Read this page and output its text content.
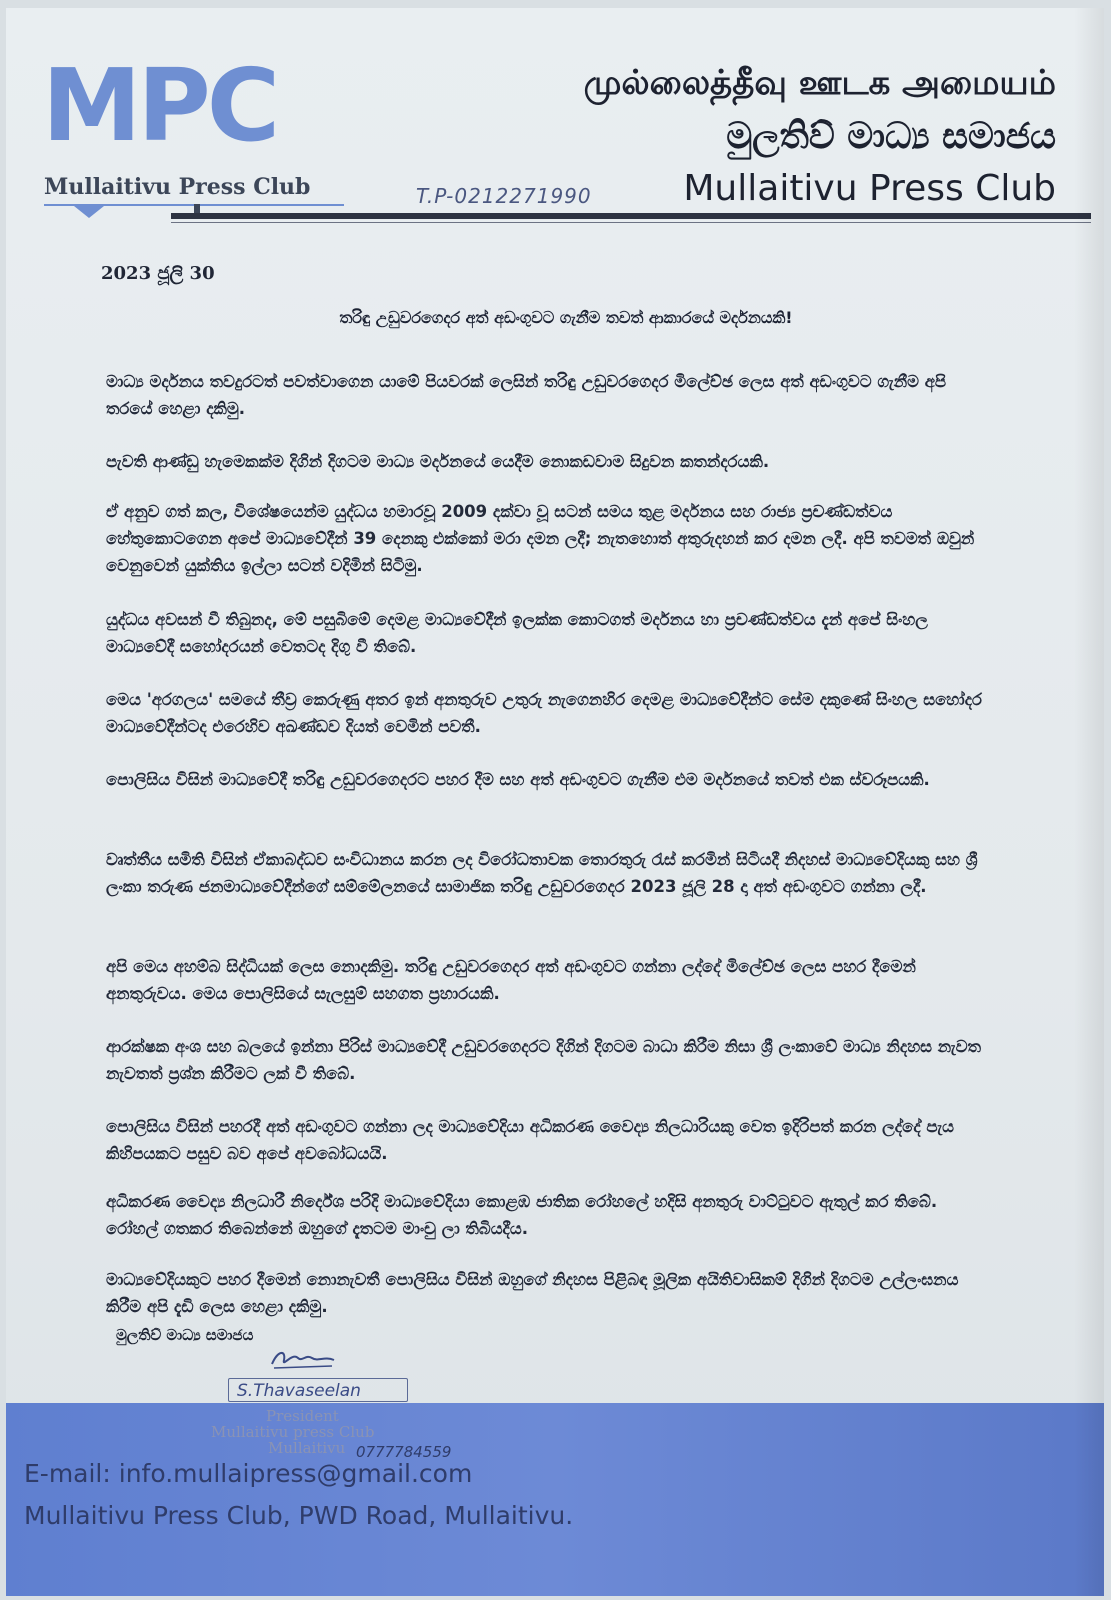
MPC
Mullaitivu Press Club
முல்லைத்தீவு ஊடக அமையம்
මුලතිව් මාධ්‍ය සමාජය
Mullaitivu Press Club
T.P-0212271990
2023 ජූලි 30
තරිඳු උඩුවරගෙදර අත් අඩංගුවට ගැනීම තවත් ආකාරයේ මර්දනයකි!

මාධ්‍ය මර්දනය තවදුරටත් පවත්වාගෙන යාමේ පියවරක් ලෙසින් තරිඳු උඩුවරගෙදර මිලේච්ඡ ලෙස අත් අඩංගුවට ගැනීම අපි තරයේ හෙළා දකිමු.

පැවති ආණ්ඩු හැමෙකක්ම දිගින් දිගටම මාධ්‍ය මර්දනයේ යෙදීම නොකඩවාම සිදුවන කතන්දරයකි.

ඒ අනුව ගත් කල, විශේෂයෙන්ම යුද්ධය හමාරවූ 2009 දක්වා වූ සටන් සමය තුළ මර්දනය සහ රාජ්‍ය ප්‍රචණ්ඩත්වය හේතුකොටගෙන අපේ මාධ්‍යවේදීන් 39 දෙනකු එක්කෝ මරා දමන ලදී; නැතහොත් අතුරුදහන් කර දමන ලදී. අපි තවමත් ඔවුන් වෙනුවෙන් යුක්තිය ඉල්ලා සටන් වදිමින් සිටිමු.

යුද්ධය අවසන් වී තිබුනද, මේ පසුබිමේ දෙමළ මාධ්‍යවේදීන් ඉලක්ක කොටගත් මර්දනය හා ප්‍රචණ්ඩත්වය දැන් අපේ සිංහල මාධ්‍යවේදී සහෝදරයන් වෙතටද දිගු වී තිබේ.

මෙය 'අරගලය' සමයේ තීව්‍ර කෙරුණු අතර ඉන් අනතුරුව උතුරු නැගෙනහිර දෙමළ මාධ්‍යවේදීන්ට සේම දකුණේ සිංහල සහෝදර මාධ්‍යවේදීන්ටද එරෙහිව අඛණ්ඩව දියත් වෙමින් පවතී.

පොලිසිය විසින් මාධ්‍යවේදී තරිඳු උඩුවරගෙදරට පහර දීම සහ අත් අඩංගුවට ගැනීම එම මර්දනයේ තවත් එක ස්වරූපයකි.

වෘත්තීය සමිති විසින් ඒකාබද්ධව සංවිධානය කරන ලද විරෝධතාවක තොරතුරු රැස් කරමින් සිටියදී නිදහස් මාධ්‍යවේදියකු සහ ශ්‍රී ලංකා තරුණ ජනමාධ්‍යවේදීන්ගේ සම්මේලනයේ සාමාජික තරිඳු උඩුවරගෙදර 2023 ජූලි 28 දා අත් අඩංගුවට ගන්නා ලදී.

අපි මෙය අහම්බ සිද්ධියක් ලෙස නොදකිමු. තරිඳු උඩුවරගෙදර අත් අඩංගුවට ගන්නා ලද්දේ මිලේච්ඡ ලෙස පහර දීමෙන් අනතුරුවය. මෙය පොලිසියේ සැලසුම් සහගත ප්‍රහාරයකි.

ආරක්ෂක අංශ සහ බලයේ ඉන්නා පිරිස් මාධ්‍යවේදී උඩුවරගෙදරට දිගින් දිගටම බාධා කිරීම නිසා ශ්‍රී ලංකාවේ මාධ්‍ය නිදහස නැවත නැවතත් ප්‍රශ්න කිරීමට ලක් වී තිබේ.

පොලිසිය විසින් පහරදී අත් අඩංගුවට ගන්නා ලද මාධ්‍යවේදියා අධිකරණ වෛද්‍ය නිලධාරියකු වෙත ඉදිරිපත් කරන ලද්දේ පැය කිහිපයකට පසුව බව අපේ අවබෝධයයි.

අධිකරණ වෛද්‍ය නිලධාරී නිර්දේශ පරිදි මාධ්‍යවේදියා කොළඹ ජාතික රෝහලේ හදිසි අනතුරු වාට්ටුවට ඇතුල් කර තිබේ. රෝහල් ගතකර තිබෙන්නේ ඔහුගේ දැතටම මාංචු ලා තිබියදීය.

මාධ්‍යවේදියකුට පහර දීමෙන් නොනැවතී පොලිසිය විසින් ඔහුගේ නිදහස පිළිබඳ මූලික අයිතිවාසිකම් දිගින් දිගටම උල්ලංඝනය කිරීම අපි දැඩි ලෙස හෙළා දකිමු.

මුලතිව් මාධ්‍ය සමාජය
S.Thavaseelan
President
Mullaitivu press Club
Mullaitivu 0777784559
E-mail: info.mullaipress@gmail.com
Mullaitivu Press Club, PWD Road, Mullaitivu.
